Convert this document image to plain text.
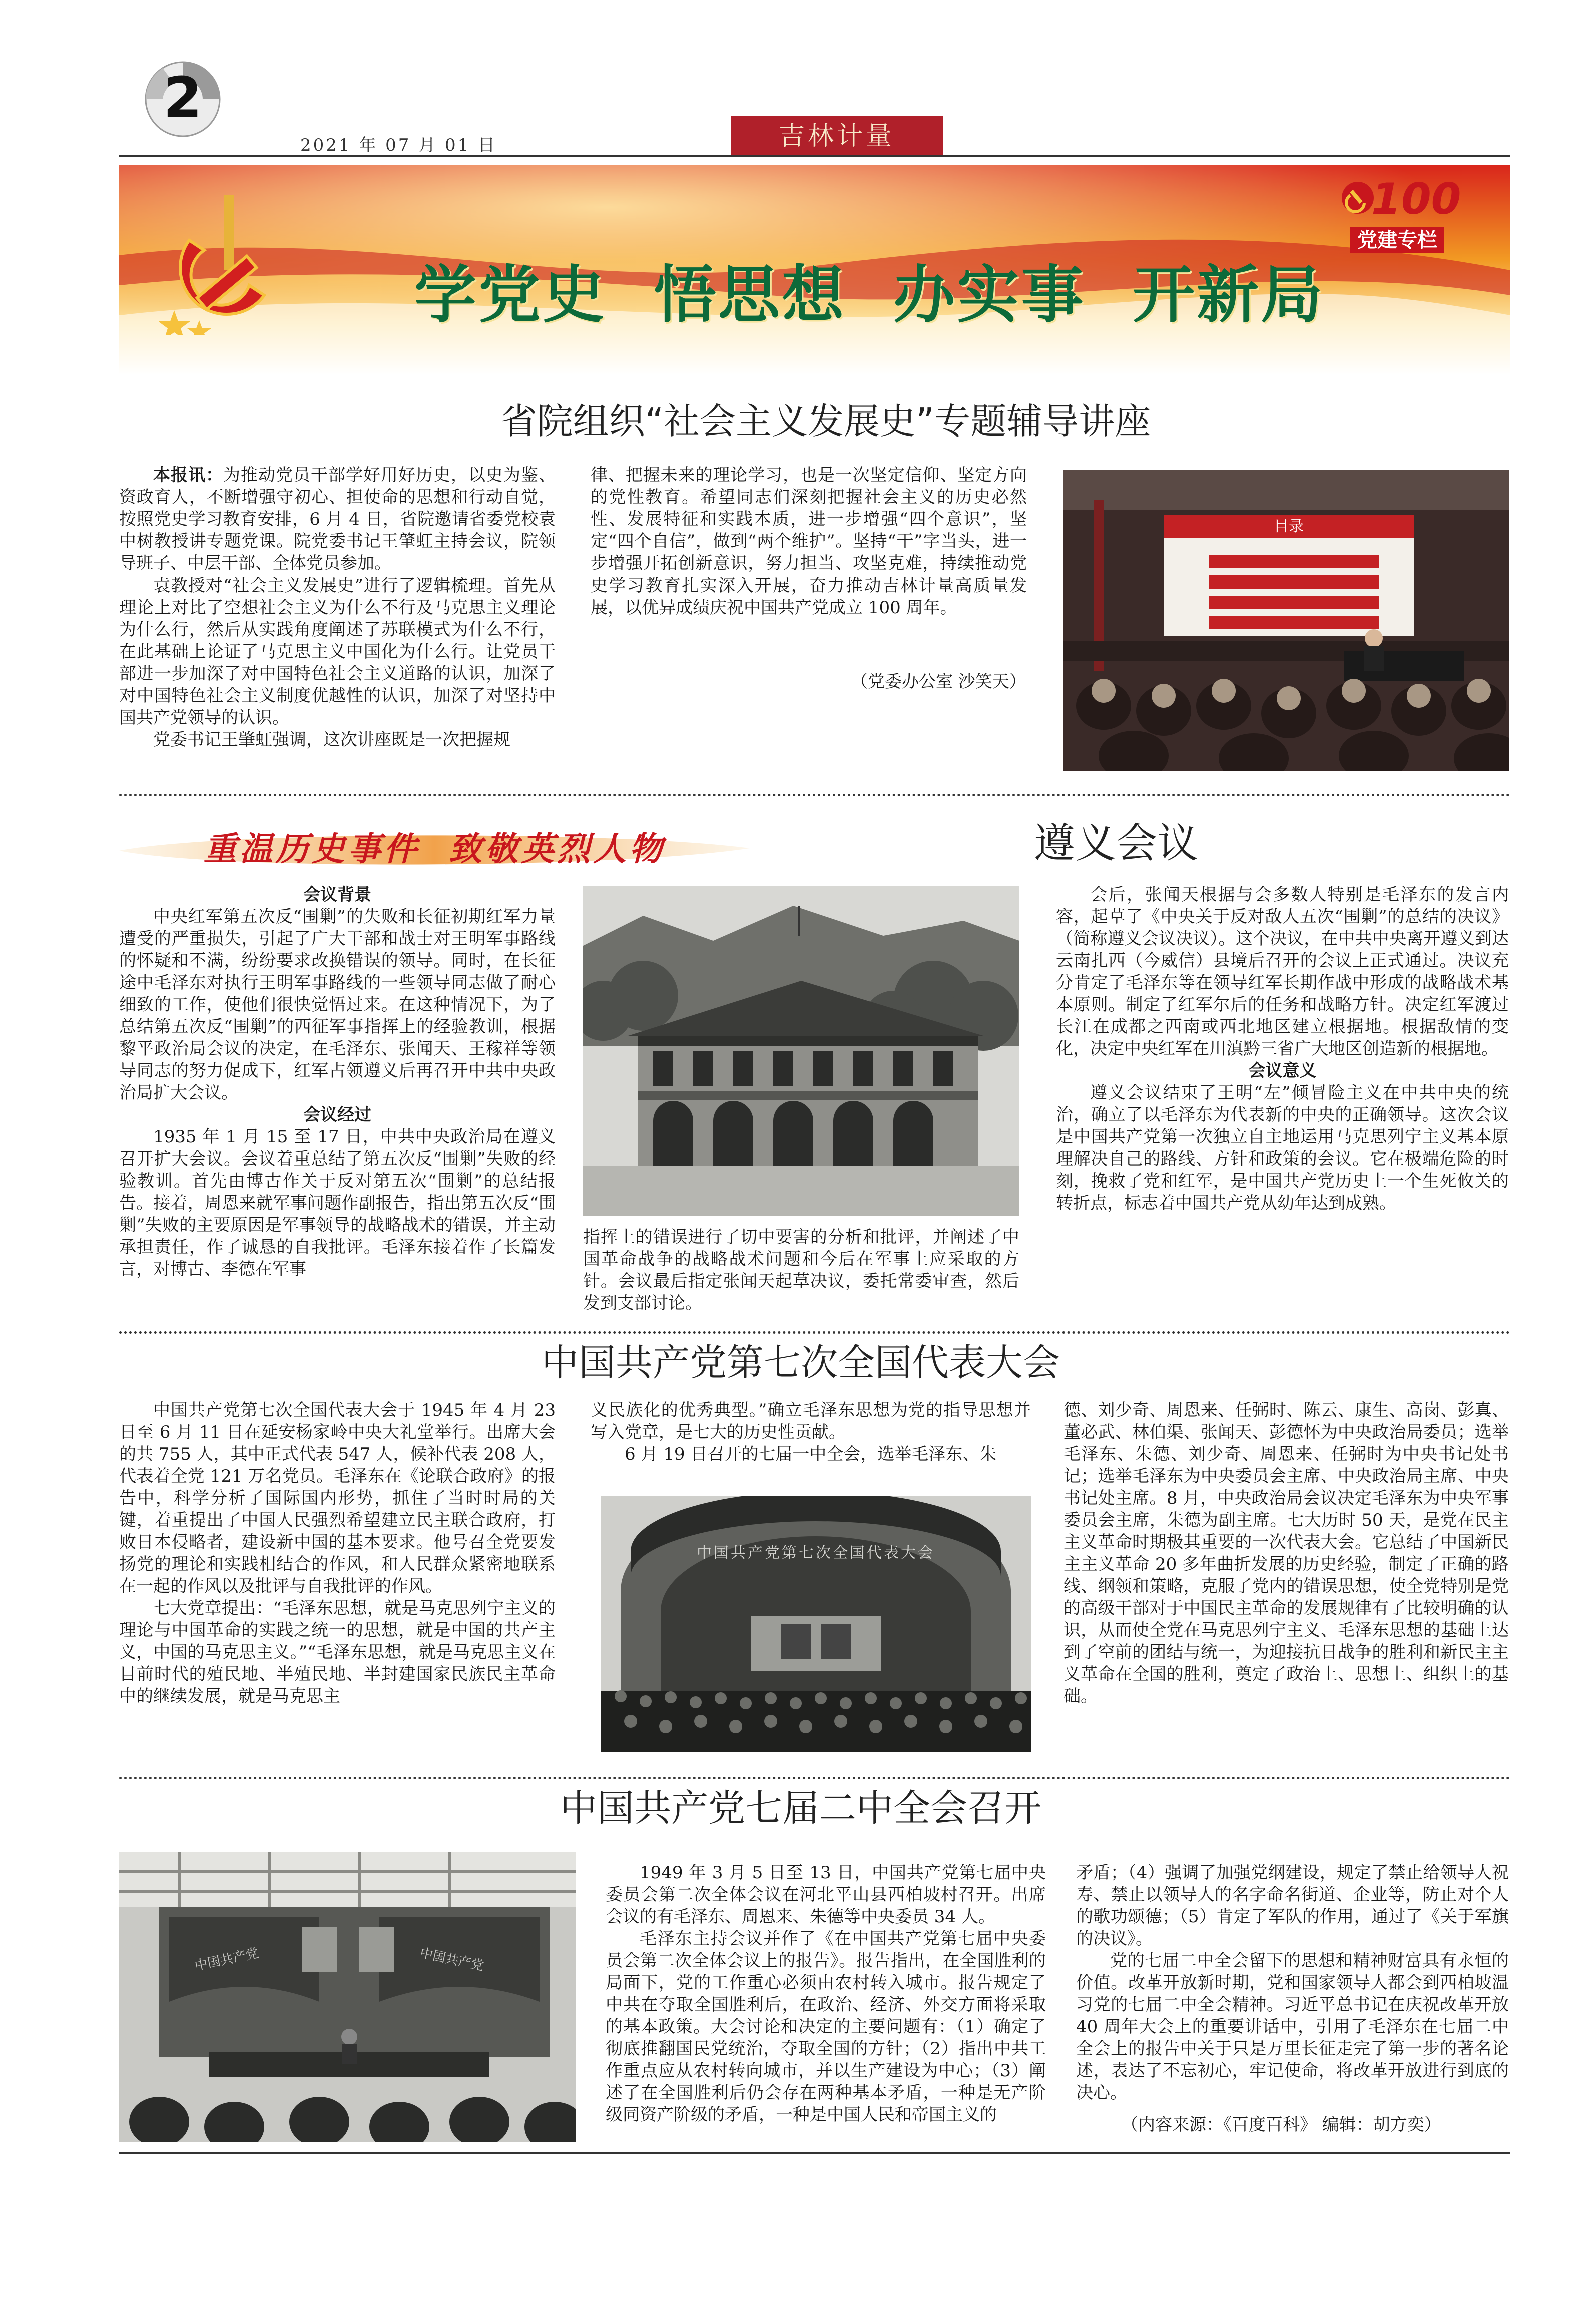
2
2021 年 07 月 01 日	吉林计量
学党史  悟思想  办实事  开新局
100
党建专栏
省院组织“社会主义发展史”专题辅导讲座

本报讯：为推动党员干部学好用好历史，以史为鉴、资政育人，不断增强守初心、担使命的思想和行动自觉，按照党史学习教育安排，6 月 4 日，省院邀请省委党校袁中树教授讲专题党课。院党委书记王肇虹主持会议，院领导班子、中层干部、全体党员参加。

袁教授对“社会主义发展史”进行了逻辑梳理。首先从理论上对比了空想社会主义为什么不行及马克思主义理论为什么行，然后从实践角度阐述了苏联模式为什么不行，在此基础上论证了马克思主义中国化为什么行。让党员干部进一步加深了对中国特色社会主义道路的认识，加深了对中国特色社会主义制度优越性的认识，加深了对坚持中国共产党领导的认识。

党委书记王肇虹强调，这次讲座既是一次把握规

律、把握未来的理论学习，也是一次坚定信仰、坚定方向的党性教育。希望同志们深刻把握社会主义的历史必然性、发展特征和实践本质，进一步增强“四个意识”，坚定“四个自信”，做到“两个维护”。坚持“干”字当头，进一步增强开拓创新意识，努力担当、攻坚克难，持续推动党史学习教育扎实深入开展，奋力推动吉林计量高质量发展，以优异成绩庆祝中国共产党成立 100 周年。

（党委办公室 沙笑天）
目录
重温历史事件  致敬英烈人物	遵义会议
会议背景

中央红军第五次反“围剿”的失败和长征初期红军力量遭受的严重损失，引起了广大干部和战士对王明军事路线的怀疑和不满，纷纷要求改换错误的领导。同时，在长征途中毛泽东对执行王明军事路线的一些领导同志做了耐心细致的工作，使他们很快觉悟过来。在这种情况下，为了总结第五次反“围剿”的西征军事指挥上的经验教训，根据黎平政治局会议的决定，在毛泽东、张闻天、王稼祥等领导同志的努力促成下，红军占领遵义后再召开中共中央政治局扩大会议。

会议经过

1935 年 1 月 15 至 17 日，中共中央政治局在遵义召开扩大会议。会议着重总结了第五次反“围剿”失败的经验教训。首先由博古作关于反对第五次“围剿”的总结报告。接着，周恩来就军事问题作副报告，指出第五次反“围剿”失败的主要原因是军事领导的战略战术的错误，并主动承担责任，作了诚恳的自我批评。毛泽东接着作了长篇发言，对博古、李德在军事

指挥上的错误进行了切中要害的分析和批评，并阐述了中国革命战争的战略战术问题和今后在军事上应采取的方针。会议最后指定张闻天起草决议，委托常委审查，然后发到支部讨论。

会后，张闻天根据与会多数人特别是毛泽东的发言内容，起草了《中央关于反对敌人五次“围剿”的总结的决议》（简称遵义会议决议）。这个决议，在中共中央离开遵义到达云南扎西（今威信）县境后召开的会议上正式通过。决议充分肯定了毛泽东等在领导红军长期作战中形成的战略战术基本原则。制定了红军尔后的任务和战略方针。决定红军渡过长江在成都之西南或西北地区建立根据地。根据敌情的变化，决定中央红军在川滇黔三省广大地区创造新的根据地。

会议意义

遵义会议结束了王明“左”倾冒险主义在中共中央的统治，确立了以毛泽东为代表新的中央的正确领导。这次会议是中国共产党第一次独立自主地运用马克思列宁主义基本原理解决自己的路线、方针和政策的会议。它在极端危险的时刻，挽救了党和红军，是中国共产党历史上一个生死攸关的转折点，标志着中国共产党从幼年达到成熟。

中国共产党第七次全国代表大会

中国共产党第七次全国代表大会于 1945 年 4 月 23 日至 6 月 11 日在延安杨家岭中央大礼堂举行。出席大会的共 755 人，其中正式代表 547 人，候补代表 208 人，代表着全党 121 万名党员。毛泽东在《论联合政府》的报告中，科学分析了国际国内形势，抓住了当时时局的关键，着重提出了中国人民强烈希望建立民主联合政府，打败日本侵略者，建设新中国的基本要求。他号召全党要发扬党的理论和实践相结合的作风，和人民群众紧密地联系在一起的作风以及批评与自我批评的作风。

七大党章提出：“毛泽东思想，就是马克思列宁主义的理论与中国革命的实践之统一的思想，就是中国的共产主义，中国的马克思主义。”“毛泽东思想，就是马克思主义在目前时代的殖民地、半殖民地、半封建国家民族民主革命中的继续发展，就是马克思主

义民族化的优秀典型。”确立毛泽东思想为党的指导思想并写入党章，是七大的历史性贡献。

6 月 19 日召开的七届一中全会，选举毛泽东、朱

中国共产党第七次全国代表大会

德、刘少奇、周恩来、任弼时、陈云、康生、高岗、彭真、董必武、林伯渠、张闻天、彭德怀为中央政治局委员；选举毛泽东、朱德、刘少奇、周恩来、任弼时为中央书记处书记；选举毛泽东为中央委员会主席、中央政治局主席、中央书记处主席。8 月，中央政治局会议决定毛泽东为中央军事委员会主席，朱德为副主席。七大历时 50 天，是党在民主主义革命时期极其重要的一次代表大会。它总结了中国新民主主义革命 20 多年曲折发展的历史经验，制定了正确的路线、纲领和策略，克服了党内的错误思想，使全党特别是党的高级干部对于中国民主革命的发展规律有了比较明确的认识，从而使全党在马克思列宁主义、毛泽东思想的基础上达到了空前的团结与统一，为迎接抗日战争的胜利和新民主主义革命在全国的胜利，奠定了政治上、思想上、组织上的基础。

中国共产党七届二中全会召开
中国共产党	中国共产党

1949 年 3 月 5 日至 13 日，中国共产党第七届中央委员会第二次全体会议在河北平山县西柏坡村召开。出席会议的有毛泽东、周恩来、朱德等中央委员 34 人。

毛泽东主持会议并作了《在中国共产党第七届中央委员会第二次全体会议上的报告》。报告指出，在全国胜利的局面下，党的工作重心必须由农村转入城市。报告规定了中共在夺取全国胜利后，在政治、经济、外交方面将采取的基本政策。大会讨论和决定的主要问题有：（1）确定了彻底推翻国民党统治，夺取全国的方针；（2）指出中共工作重点应从农村转向城市，并以生产建设为中心；（3）阐述了在全国胜利后仍会存在两种基本矛盾，一种是无产阶级同资产阶级的矛盾，一种是中国人民和帝国主义的

矛盾；（4）强调了加强党纲建设，规定了禁止给领导人祝寿、禁止以领导人的名字命名街道、企业等，防止对个人的歌功颂德；（5）肯定了军队的作用，通过了《关于军旗的决议》。

党的七届二中全会留下的思想和精神财富具有永恒的价值。改革开放新时期，党和国家领导人都会到西柏坡温习党的七届二中全会精神。习近平总书记在庆祝改革开放 40 周年大会上的重要讲话中，引用了毛泽东在七届二中全会上的报告中关于只是万里长征走完了第一步的著名论述，表达了不忘初心，牢记使命，将改革开放进行到底的决心。

（内容来源：《百度百科》 编辑：胡方奕）
